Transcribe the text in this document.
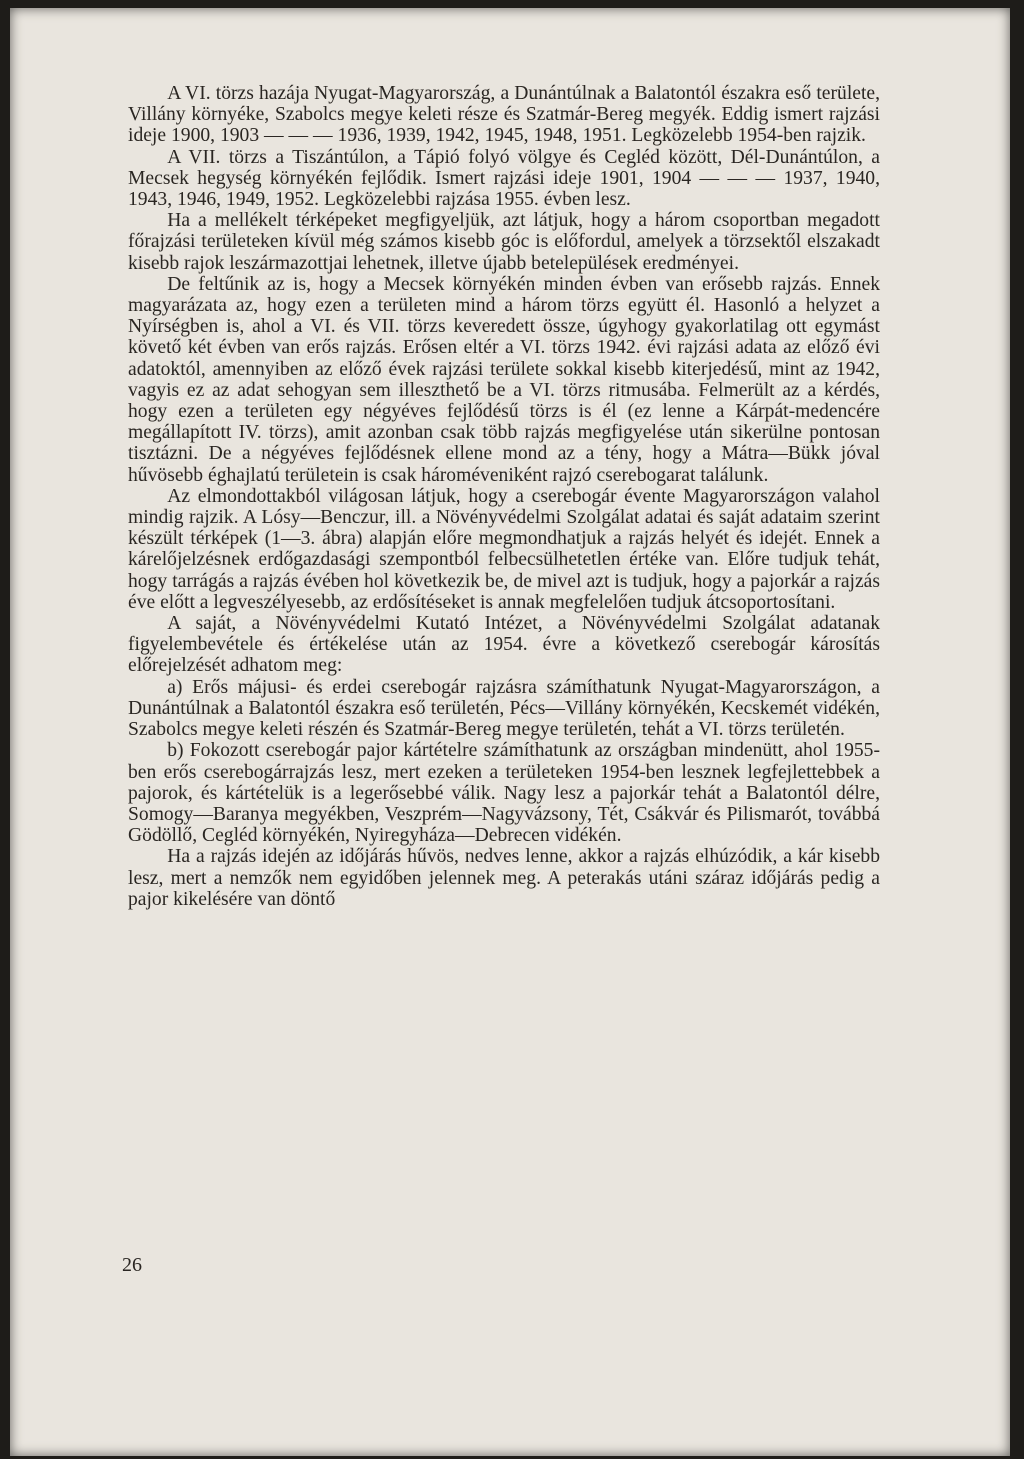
A VI. törzs hazája Nyugat-Magyarország, a Dunántúlnak a Balatontól északra eső területe, Villány környéke, Szabolcs megye keleti része és Szatmár-Bereg megyék. Eddig ismert rajzási ideje 1900, 1903 — — — 1936, 1939, 1942, 1945, 1948, 1951. Legközelebb 1954-ben rajzik.

A VII. törzs a Tiszántúlon, a Tápió folyó völgye és Cegléd között, Dél-Dunántúlon, a Mecsek hegység környékén fejlődik. Ismert rajzási ideje 1901, 1904 — — — 1937, 1940, 1943, 1946, 1949, 1952. Legközelebbi rajzása 1955. évben lesz.

Ha a mellékelt térképeket megfigyeljük, azt látjuk, hogy a három csoportban megadott főrajzási területeken kívül még számos kisebb góc is előfordul, amelyek a törzsektől elszakadt kisebb rajok leszármazottjai lehetnek, illetve újabb betelepülések eredményei.

De feltűnik az is, hogy a Mecsek környékén minden évben van erősebb rajzás. Ennek magyarázata az, hogy ezen a területen mind a három törzs együtt él. Hasonló a helyzet a Nyírségben is, ahol a VI. és VII. törzs keveredett össze, úgyhogy gyakorlatilag ott egymást követő két évben van erős rajzás. Erősen eltér a VI. törzs 1942. évi rajzási adata az előző évi adatoktól, amennyiben az előző évek rajzási területe sokkal kisebb kiterjedésű, mint az 1942, vagyis ez az adat sehogyan sem illeszthető be a VI. törzs ritmusába. Felmerült az a kérdés, hogy ezen a területen egy négyéves fejlődésű törzs is él (ez lenne a Kárpát-medencére megállapított IV. törzs), amit azonban csak több rajzás megfigyelése után sikerülne pontosan tisztázni. De a négyéves fejlődésnek ellene mond az a tény, hogy a Mátra—Bükk jóval hűvösebb éghajlatú területein is csak hároméveniként rajzó cserebogarat találunk.

Az elmondottakból világosan látjuk, hogy a cserebogár évente Magyarországon valahol mindig rajzik. A Lósy—Benczur, ill. a Növényvédelmi Szolgálat adatai és saját adataim szerint készült térképek (1—3. ábra) alapján előre megmondhatjuk a rajzás helyét és idejét. Ennek a kárelőjelzésnek erdőgazdasági szempontból felbecsülhetetlen értéke van. Előre tudjuk tehát, hogy tarrágás a rajzás évében hol következik be, de mivel azt is tudjuk, hogy a pajorkár a rajzás éve előtt a legveszélyesebb, az erdősítéseket is annak megfelelően tudjuk átcsoportosítani.

A saját, a Növényvédelmi Kutató Intézet, a Növényvédelmi Szolgálat adatanak figyelembevétele és értékelése után az 1954. évre a következő cserebogár károsítás előrejelzését adhatom meg:

a) Erős májusi- és erdei cserebogár rajzásra számíthatunk Nyugat-Magyarországon, a Dunántúlnak a Balatontól északra eső területén, Pécs—Villány környékén, Kecskemét vidékén, Szabolcs megye keleti részén és Szatmár-Bereg megye területén, tehát a VI. törzs területén.

b) Fokozott cserebogár pajor kártételre számíthatunk az országban mindenütt, ahol 1955-ben erős cserebogárrajzás lesz, mert ezeken a területeken 1954-ben lesznek legfejlettebbek a pajorok, és kártételük is a legerősebbé válik. Nagy lesz a pajorkár tehát a Balatontól délre, Somogy—Baranya megyékben, Veszprém—Nagyvázsony, Tét, Csákvár és Pilismarót, továbbá Gödöllő, Cegléd környékén, Nyiregyháza—Debrecen vidékén.

Ha a rajzás idején az időjárás hűvös, nedves lenne, akkor a rajzás elhúzódik, a kár kisebb lesz, mert a nemzők nem egyidőben jelennek meg. A peterakás utáni száraz időjárás pedig a pajor kikelésére van döntő

26
